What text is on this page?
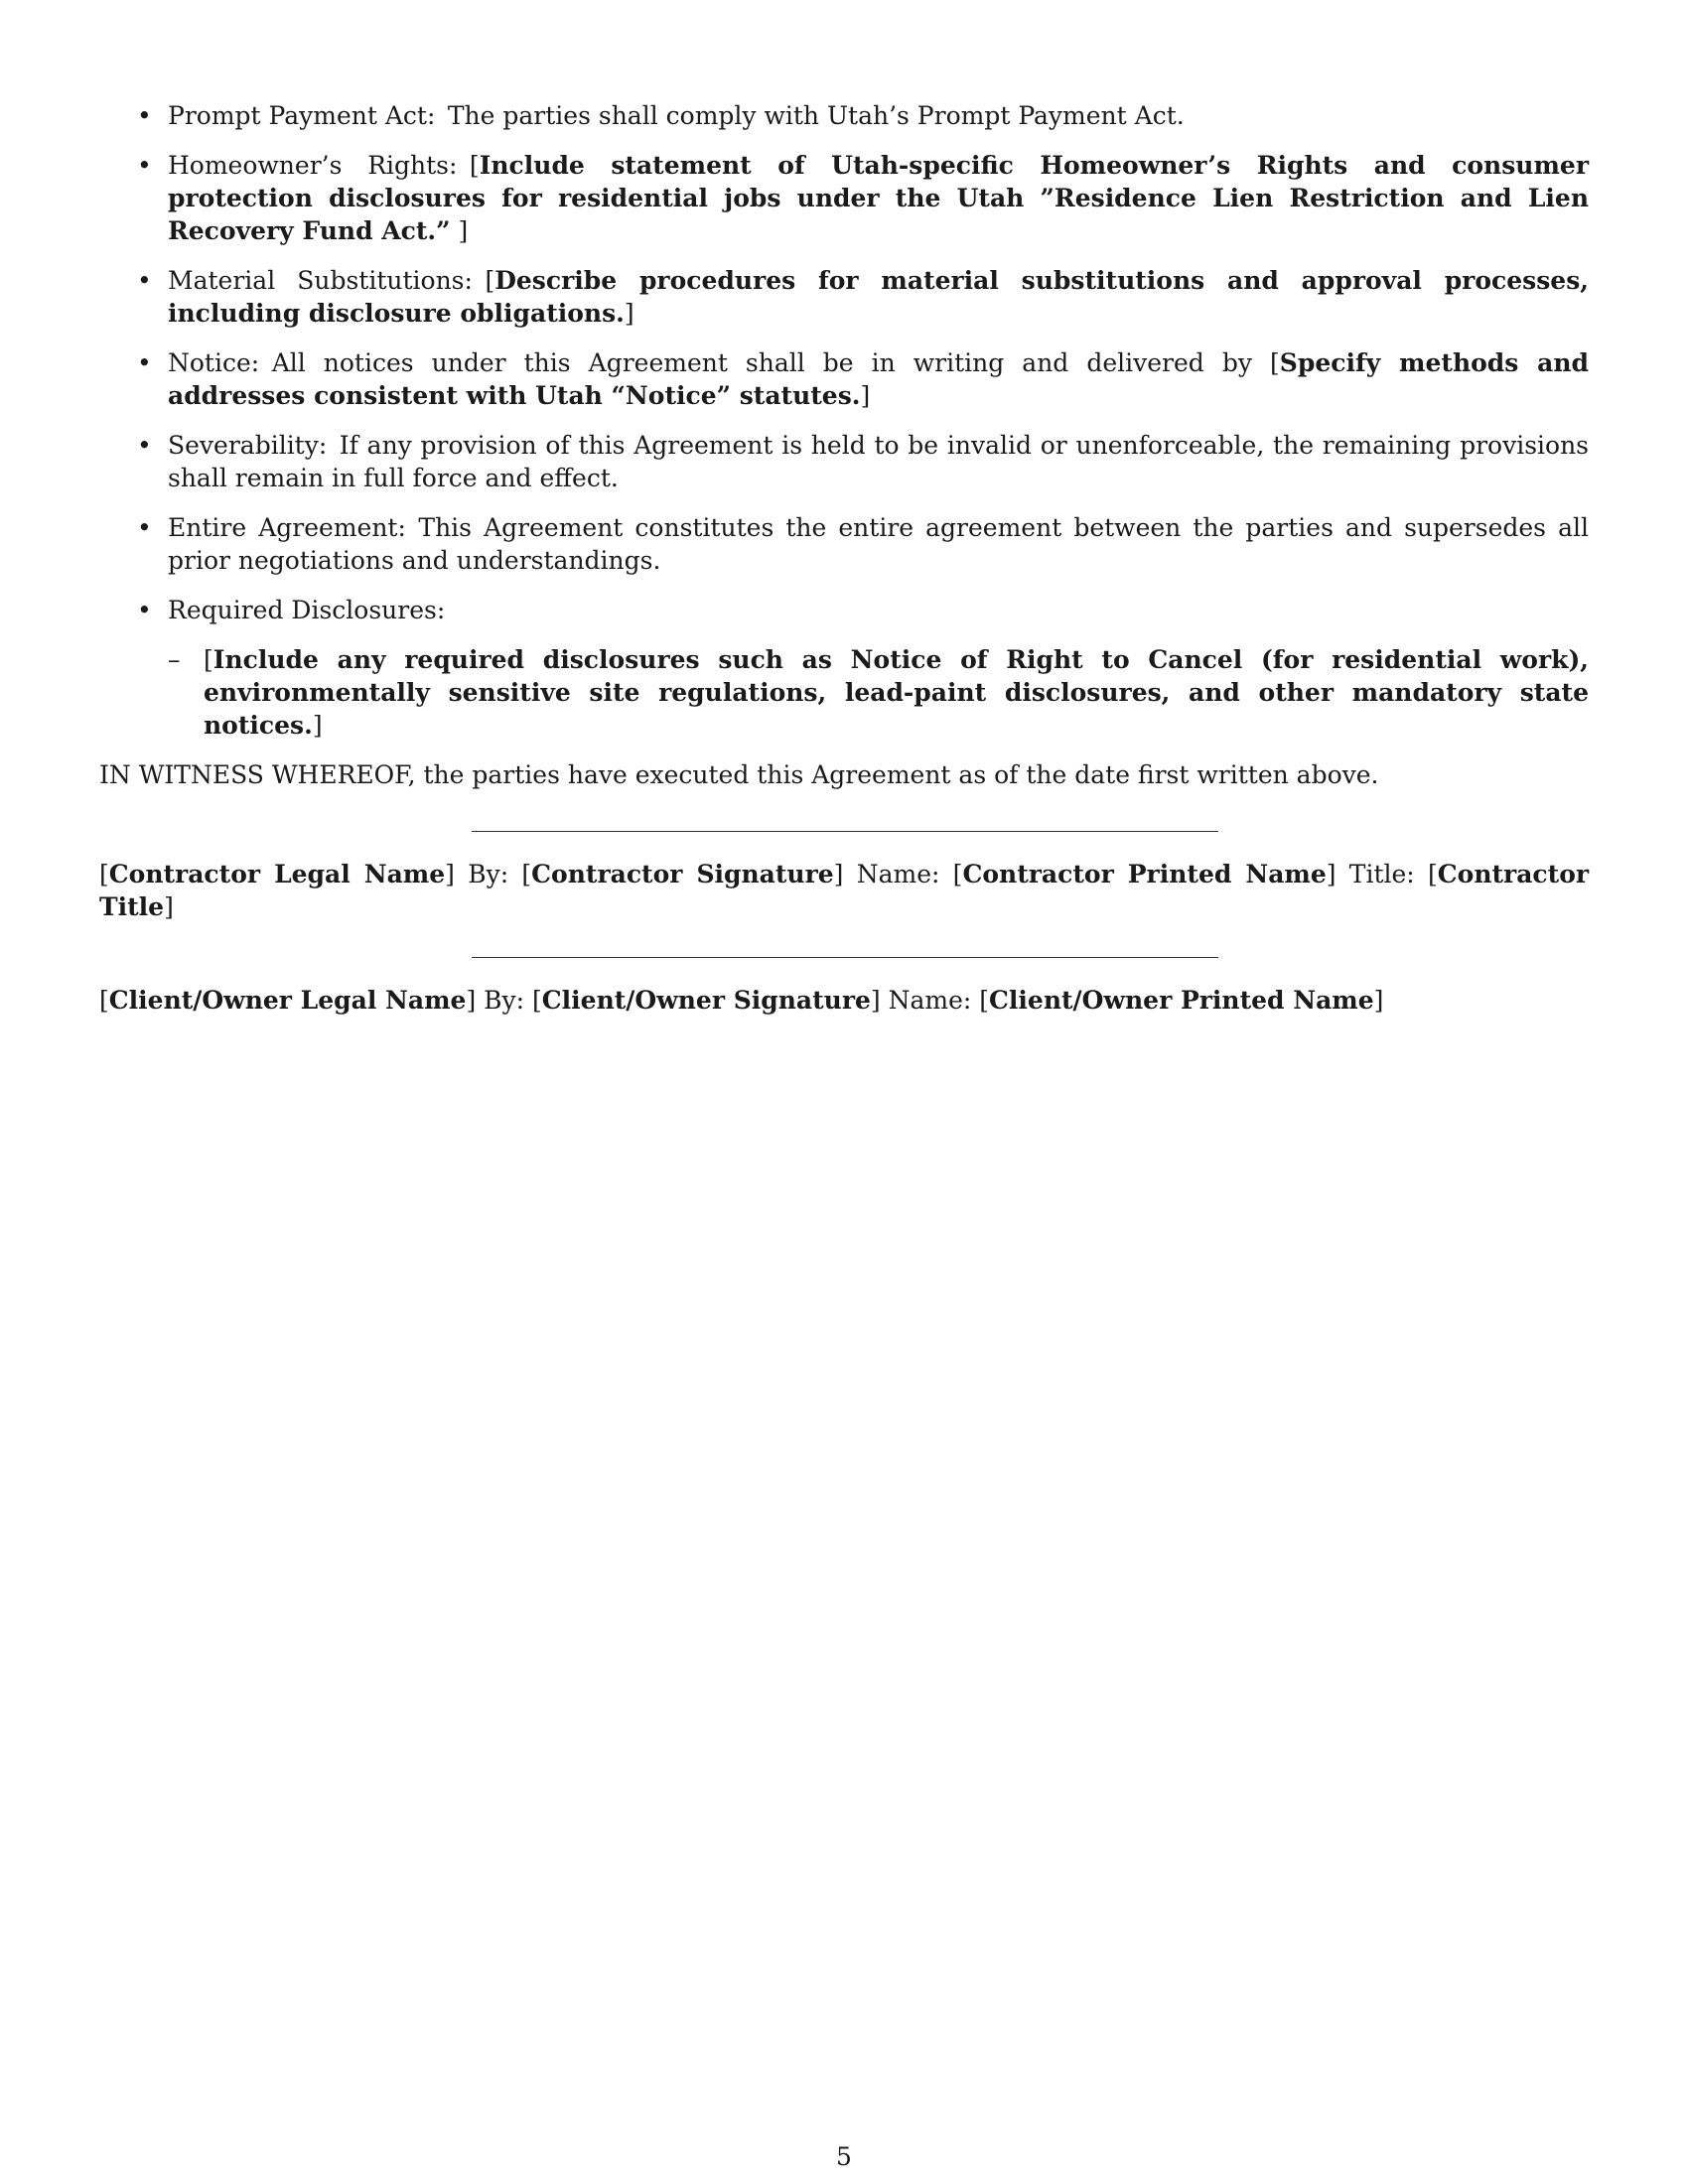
• Prompt Payment Act:  The parties shall comply with Utah’s Prompt Payment Act.
• Homeowner’s Rights:  [Include statement of Utah-specific Homeowner’s Rights and consumer protection disclosures for residential jobs under the Utah ”Residence Lien Restriction and Lien Recovery Fund Act.” ]
• Material Substitutions:  [Describe procedures for material substitutions and approval processes, including disclosure obligations.]
• Notice:  All notices under this Agreement shall be in writing and delivered by [Specify methods and addresses consistent with Utah “Notice” statutes.]
• Severability:  If any provision of this Agreement is held to be invalid or unenforceable, the remaining provisions shall remain in full force and effect.
• Entire Agreement:  This Agreement constitutes the entire agreement between the parties and supersedes all prior negotiations and understandings.
• Required Disclosures:
– [Include any required disclosures such as Notice of Right to Cancel (for residential work), environmentally sensitive site regulations, lead-paint disclosures, and other mandatory state notices.]
IN WITNESS WHEREOF, the parties have executed this Agreement as of the date first written above.
[Contractor Legal Name] By: [Contractor Signature] Name: [Contractor Printed Name] Title: [Contractor Title]
[Client/Owner Legal Name] By: [Client/Owner Signature] Name: [Client/Owner Printed Name]
5
